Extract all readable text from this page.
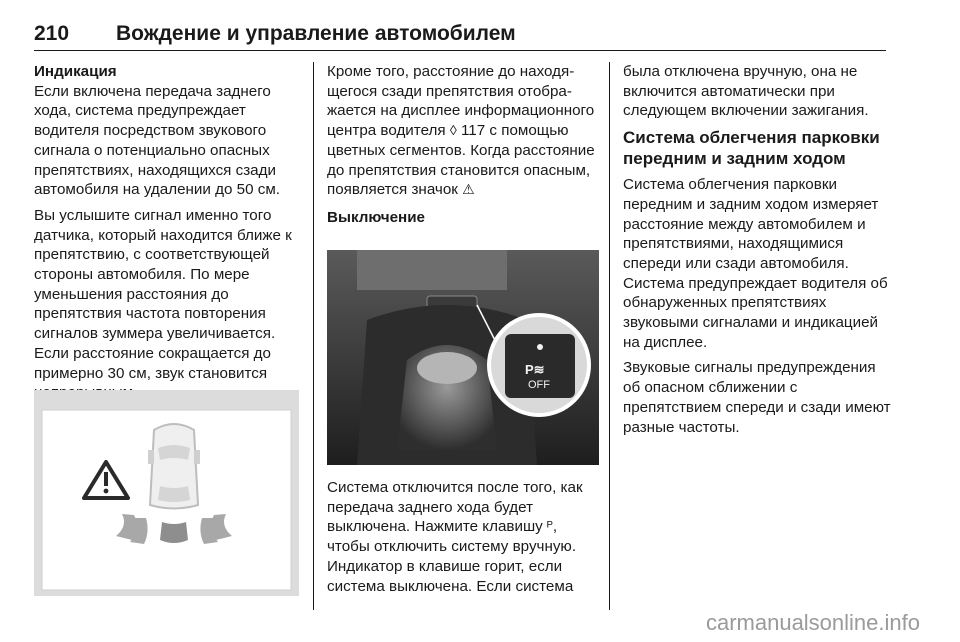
210	Вождение и управление автомобилем

Индикация

Если включена передача заднего хода, система предупреждает водителя посредством звукового сигнала о потенциально опасных препятствиях, находящихся сзади автомобиля на удалении до 50 см.

Вы услышите сигнал именно того датчика, который находится ближе к препятствию, с соответствующей стороны автомобиля. По мере уменьшения расстояния до препятствия частота повторения сигналов зуммера увеличивается. Если расстояние сокращается до примерно 30 см, звук становится

Кроме того, расстояние до находящегося сзади препятствия отображается на дисплее информационного центра водителя ◊ 117 с помощью цветных сегментов. Когда расстояние до препятствия становится опасным, появляется значок ⚠

Выключение

P≋
OFF

Система отключится после того, как передача заднего хода будет выключена. Нажмите клавишу ᴾ, чтобы отключить систему вручную. Индикатор в клавише горит, если система выключена. Если система

была отключена вручную, она не включится автоматически при следующем включении зажигания.

Система облегчения парковки передним и задним ходом

Система облегчения парковки передним и задним ходом измеряет расстояние между автомобилем и препятствиями, находящимися спереди или сзади автомобиля. Система предупреждает водителя об обнаруженных препятствиях звуковыми сигналами и индикацией на дисплее.

Звуковые сигналы предупреждения об опасном сближении с препятствием спереди и сзади имеют разные частоты.

carmanualsonline.info
